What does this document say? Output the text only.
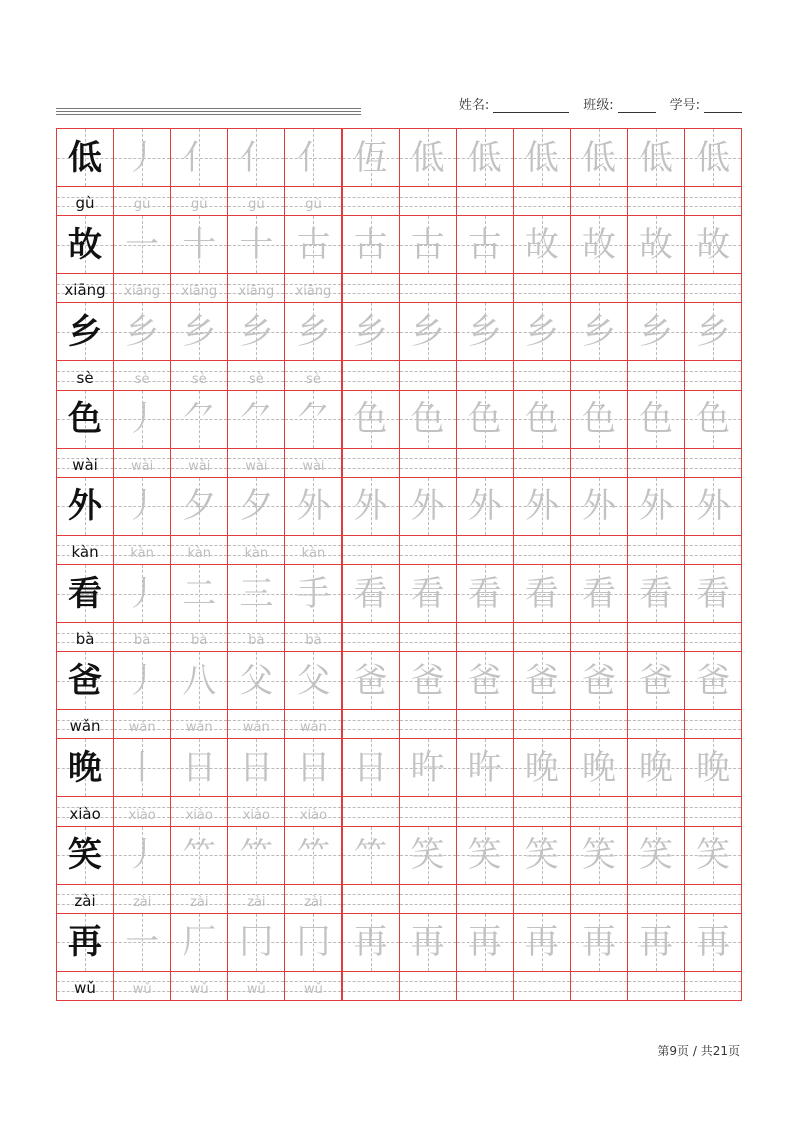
姓名:	班级:	学号:
低
gù
丿
gù
亻
gù
亻
gù
亻
gù
仾 低 低 低 低 低 低
故
xiāng
一
xiāng
十
xiāng
十
xiāng
古
xiāng
古 古 古 故 故 故 故
乡
sè
乡
sè
乡
sè
乡
sè
乡
sè
乡 乡 乡 乡 乡 乡 乡
色
wài
丿
wài
⺈
wài
⺈
wài
⺈
wài
色 色 色 色 色 色 色
外
kàn
丿
kàn
夕
kàn
夕
kàn
外
kàn
外 外 外 外 外 外 外
看
bà
丿
bà
二
bà
三
bà
手
bà
看 看 看 看 看 看 看
爸
wǎn
丿
wǎn
八
wǎn
父
wǎn
父
wǎn
爸 爸 爸 爸 爸 爸 爸
晚
xiào
丨
xiào
日
xiào
日
xiào
日
xiào
日 旿 旿 晚 晚 晚 晚
笑
zài
丿
zài
⺮
zài
⺮
zài
⺮
zài
⺮ 笑 笑 笑 笑 笑 笑
再
wǔ
一
wǔ
厂
wǔ
冂
wǔ
冂
wǔ
再 再 再 再 再 再 再
第9页 / 共21页
